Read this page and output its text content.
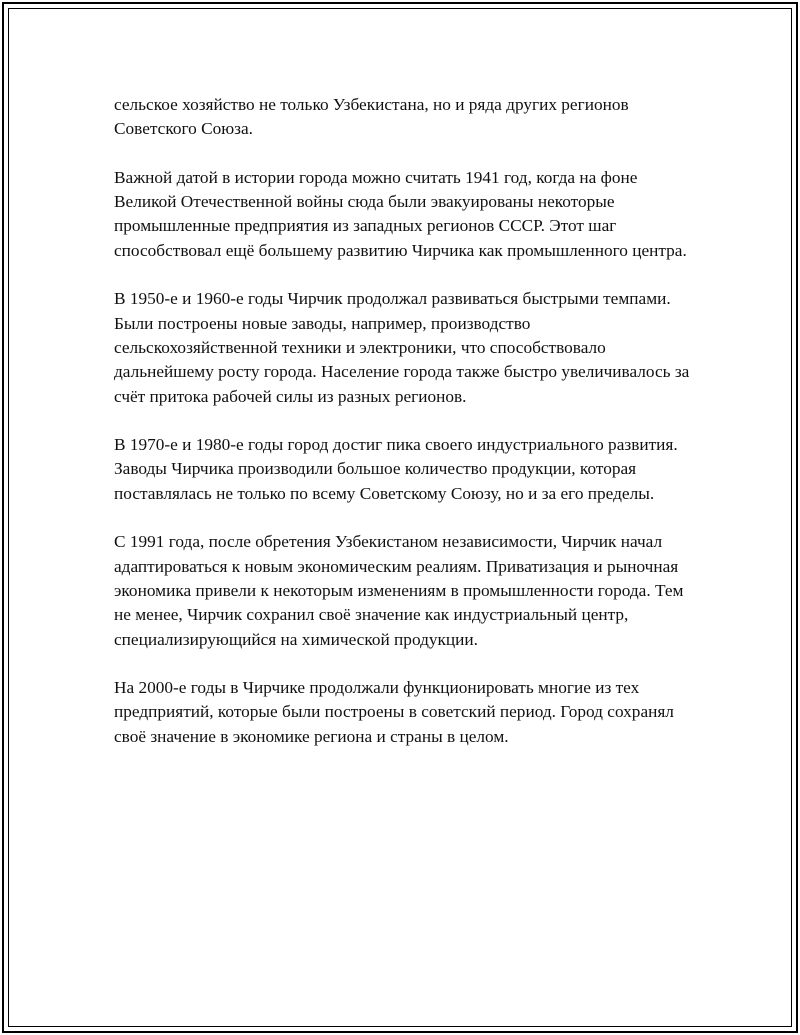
сельское хозяйство не только Узбекистана, но и ряда других регионов Советского Союза.

Важной датой в истории города можно считать 1941 год, когда на фоне Великой Отечественной войны сюда были эвакуированы некоторые промышленные предприятия из западных регионов СССР. Этот шаг способствовал ещё большему развитию Чирчика как промышленного центра.

В 1950-е и 1960-е годы Чирчик продолжал развиваться быстрыми темпами. Были построены новые заводы, например, производство сельскохозяйственной техники и электроники, что способствовало дальнейшему росту города. Население города также быстро увеличивалось за счёт притока рабочей силы из разных регионов.

В 1970-е и 1980-е годы город достиг пика своего индустриального развития. Заводы Чирчика производили большое количество продукции, которая поставлялась не только по всему Советскому Союзу, но и за его пределы.

С 1991 года, после обретения Узбекистаном независимости, Чирчик начал адаптироваться к новым экономическим реалиям. Приватизация и рыночная экономика привели к некоторым изменениям в промышленности города. Тем не менее, Чирчик сохранил своё значение как индустриальный центр, специализирующийся на химической продукции.

На 2000-е годы в Чирчике продолжали функционировать многие из тех предприятий, которые были построены в советский период. Город сохранял своё значение в экономике региона и страны в целом.
